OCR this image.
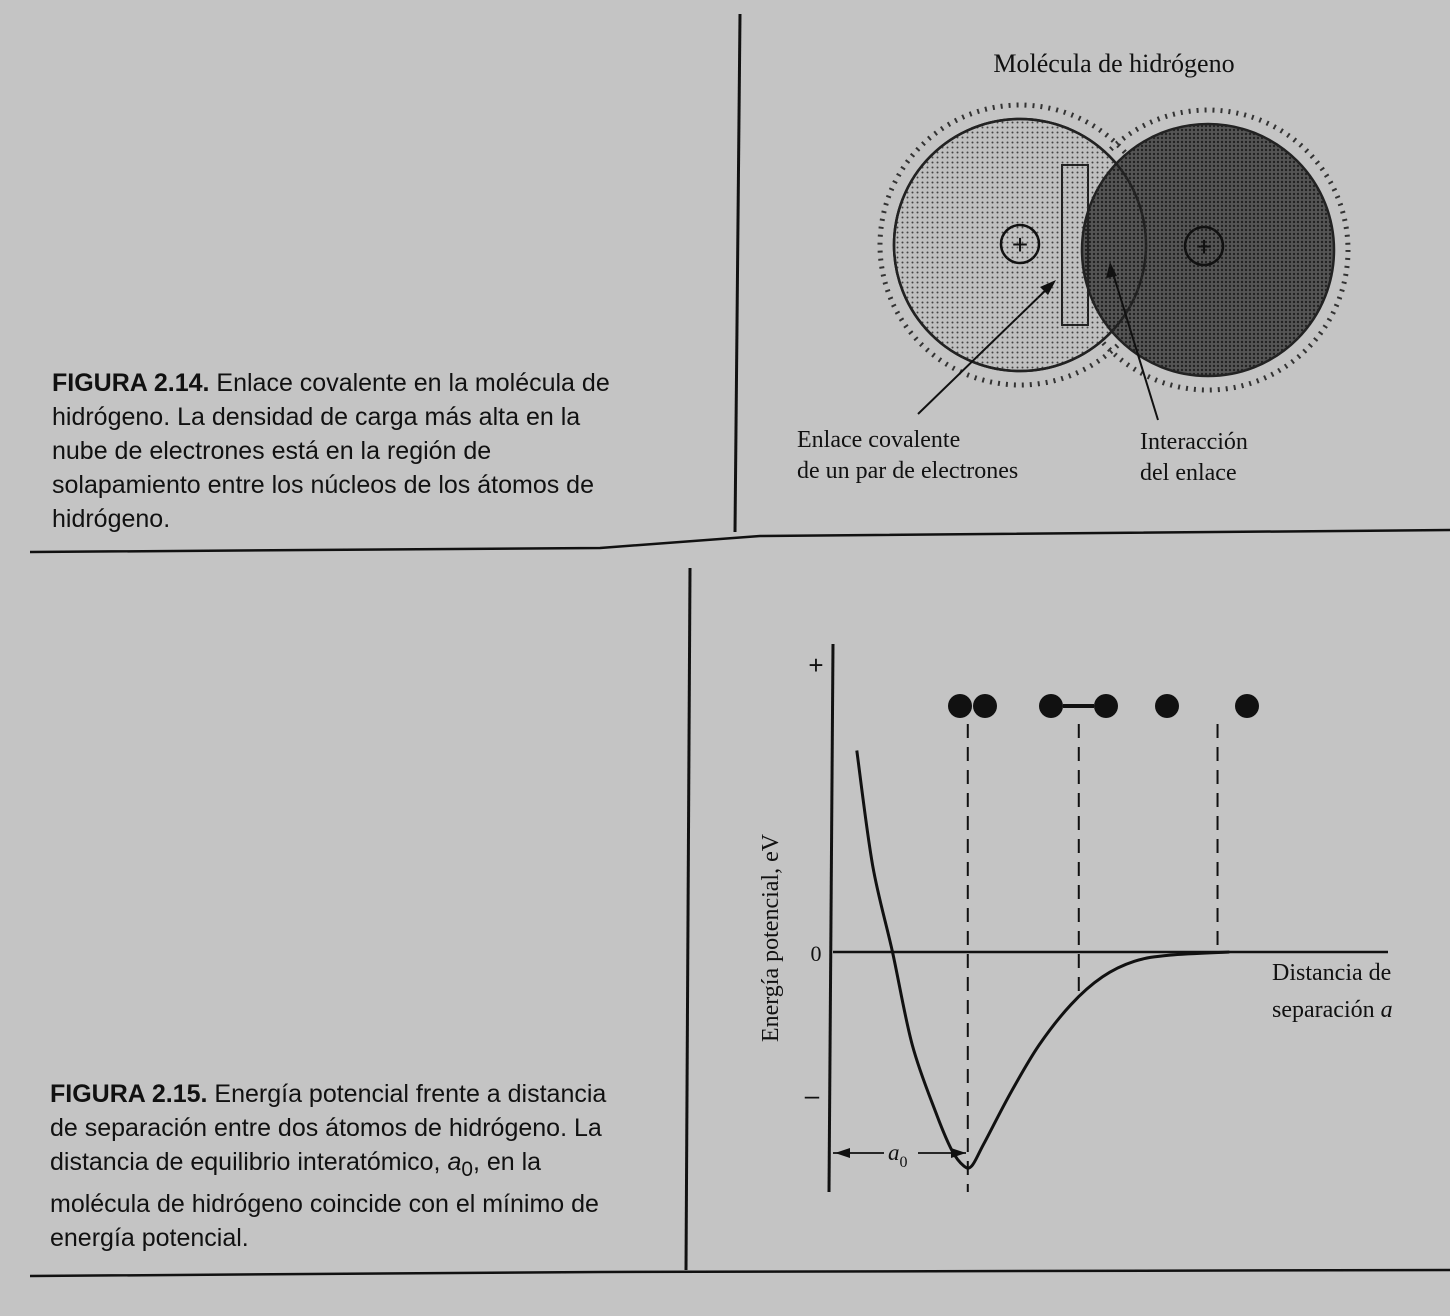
FIGURA 2.14. Enlace covalente en la molécula de hidrógeno. La densidad de carga más alta en la nube de electrones está en la región de solapamiento entre los núcleos de los átomos de hidrógeno.
FIGURA 2.15. Energía potencial frente a distancia de separación entre dos átomos de hidrógeno. La distancia de equilibrio interatómico, $a_0$, en la molécula de hidrógeno coincide con el mínimo de energía potencial.
+	+
Molécula de hidrógeno
Enlace covalente
de un par de electrones
Interacción
del enlace
+
0
–
Energía potencial, eV	Distancia de
separación a
$a_0$
